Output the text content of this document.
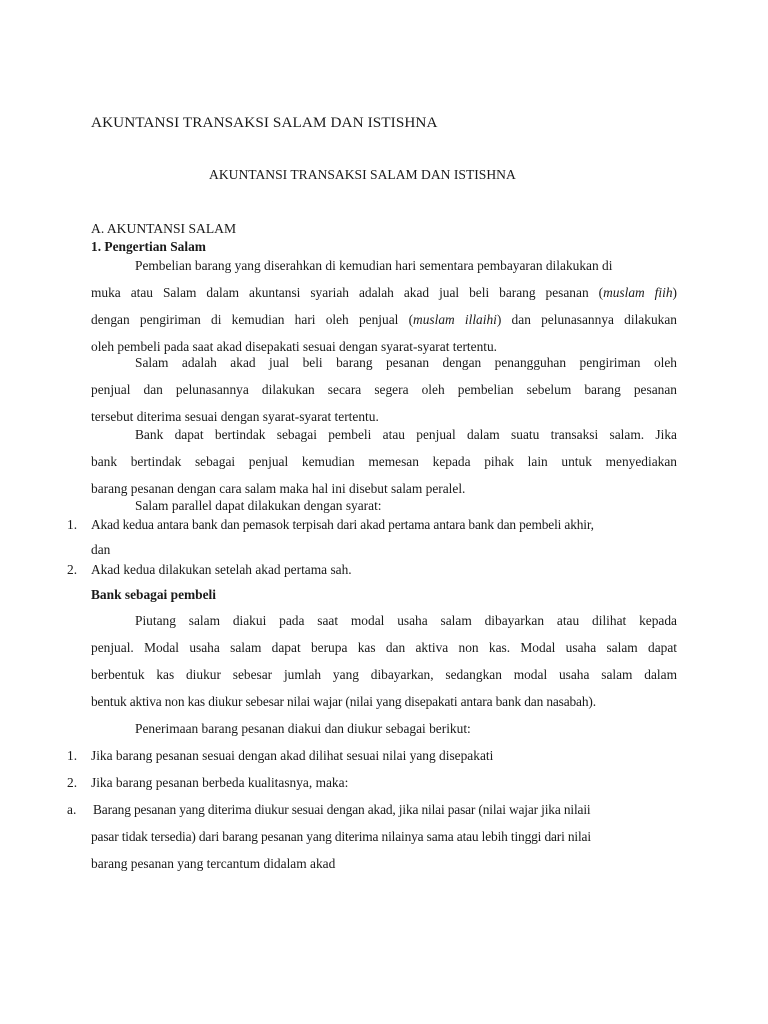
AKUNTANSI TRANSAKSI SALAM DAN ISTISHNA

AKUNTANSI TRANSAKSI SALAM DAN ISTISHNA

A. AKUNTANSI SALAM

1. Pengertian Salam

Pembelian barang yang diserahkan di kemudian hari sementara pembayaran dilakukan di

muka atau Salam dalam akuntansi syariah adalah akad jual beli barang pesanan (muslam fiih)

dengan pengiriman di kemudian hari oleh penjual (muslam illaihi) dan pelunasannya dilakukan

oleh pembeli pada saat akad disepakati sesuai dengan syarat-syarat tertentu.

Salam adalah akad jual beli barang pesanan dengan penangguhan pengiriman oleh

penjual dan pelunasannya dilakukan secara segera oleh pembelian sebelum barang pesanan

tersebut diterima sesuai dengan syarat-syarat tertentu.

Bank dapat bertindak sebagai pembeli atau penjual dalam suatu transaksi salam. Jika

bank bertindak sebagai penjual kemudian memesan kepada pihak lain untuk menyediakan

barang pesanan dengan cara salam maka hal ini disebut salam peralel.

Salam parallel dapat dilakukan dengan syarat:

1. Akad kedua antara bank dan pemasok terpisah dari akad pertama antara bank dan pembeli akhir,

dan

2. Akad kedua dilakukan setelah akad pertama sah.

Bank sebagai pembeli

Piutang salam diakui pada saat modal usaha salam dibayarkan atau dilihat kepada

penjual. Modal usaha salam dapat berupa kas dan aktiva non kas. Modal usaha salam dapat

berbentuk kas diukur sebesar jumlah yang dibayarkan, sedangkan modal usaha salam dalam

bentuk aktiva non kas diukur sebesar nilai wajar (nilai yang disepakati antara bank dan nasabah).

Penerimaan barang pesanan diakui dan diukur sebagai berikut:

1. Jika barang pesanan sesuai dengan akad dilihat sesuai nilai yang disepakati

2. Jika barang pesanan berbeda kualitasnya, maka:

a. Barang pesanan yang diterima diukur sesuai dengan akad, jika nilai pasar (nilai wajar jika nilaii

pasar tidak tersedia) dari barang pesanan yang diterima nilainya sama atau lebih tinggi dari nilai

barang pesanan yang tercantum didalam akad
